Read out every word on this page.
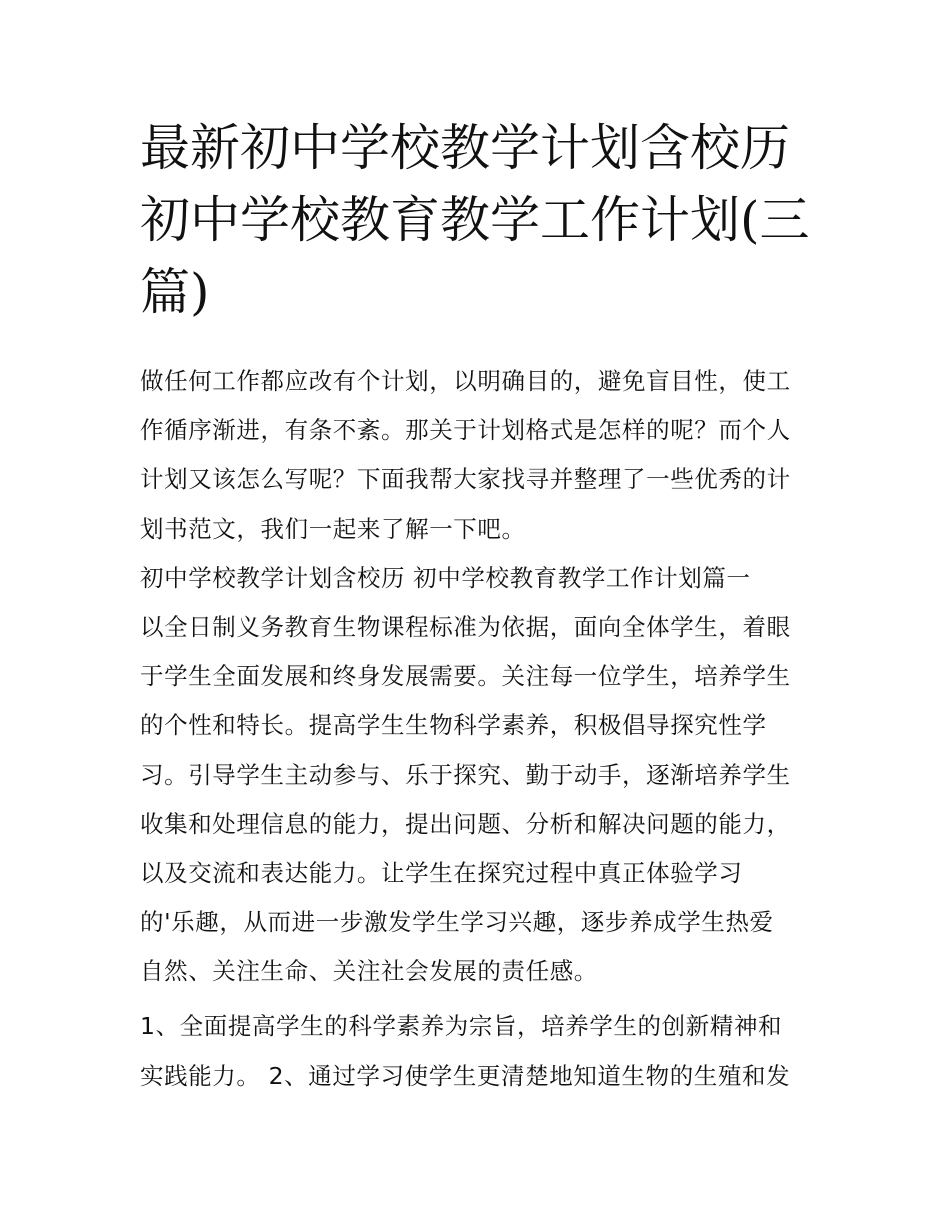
最新初中学校教学计划含校历
初中学校教育教学工作计划(三
篇)
做任何工作都应改有个计划，以明确目的，避免盲目性，使工
作循序渐进，有条不紊。那关于计划格式是怎样的呢？而个人
计划又该怎么写呢？下面我帮大家找寻并整理了一些优秀的计
划书范文，我们一起来了解一下吧。
初中学校教学计划含校历 初中学校教育教学工作计划篇一
以全日制义务教育生物课程标准为依据，面向全体学生，着眼
于学生全面发展和终身发展需要。关注每一位学生，培养学生
的个性和特长。提高学生生物科学素养，积极倡导探究性学
习。引导学生主动参与、乐于探究、勤于动手，逐渐培养学生
收集和处理信息的能力，提出问题、分析和解决问题的能力，
以及交流和表达能力。让学生在探究过程中真正体验学习
的'乐趣，从而进一步激发学生学习兴趣，逐步养成学生热爱
自然、关注生命、关注社会发展的责任感。
1、全面提高学生的科学素养为宗旨，培养学生的创新精神和
实践能力。 2、通过学习使学生更清楚地知道生物的生殖和发
